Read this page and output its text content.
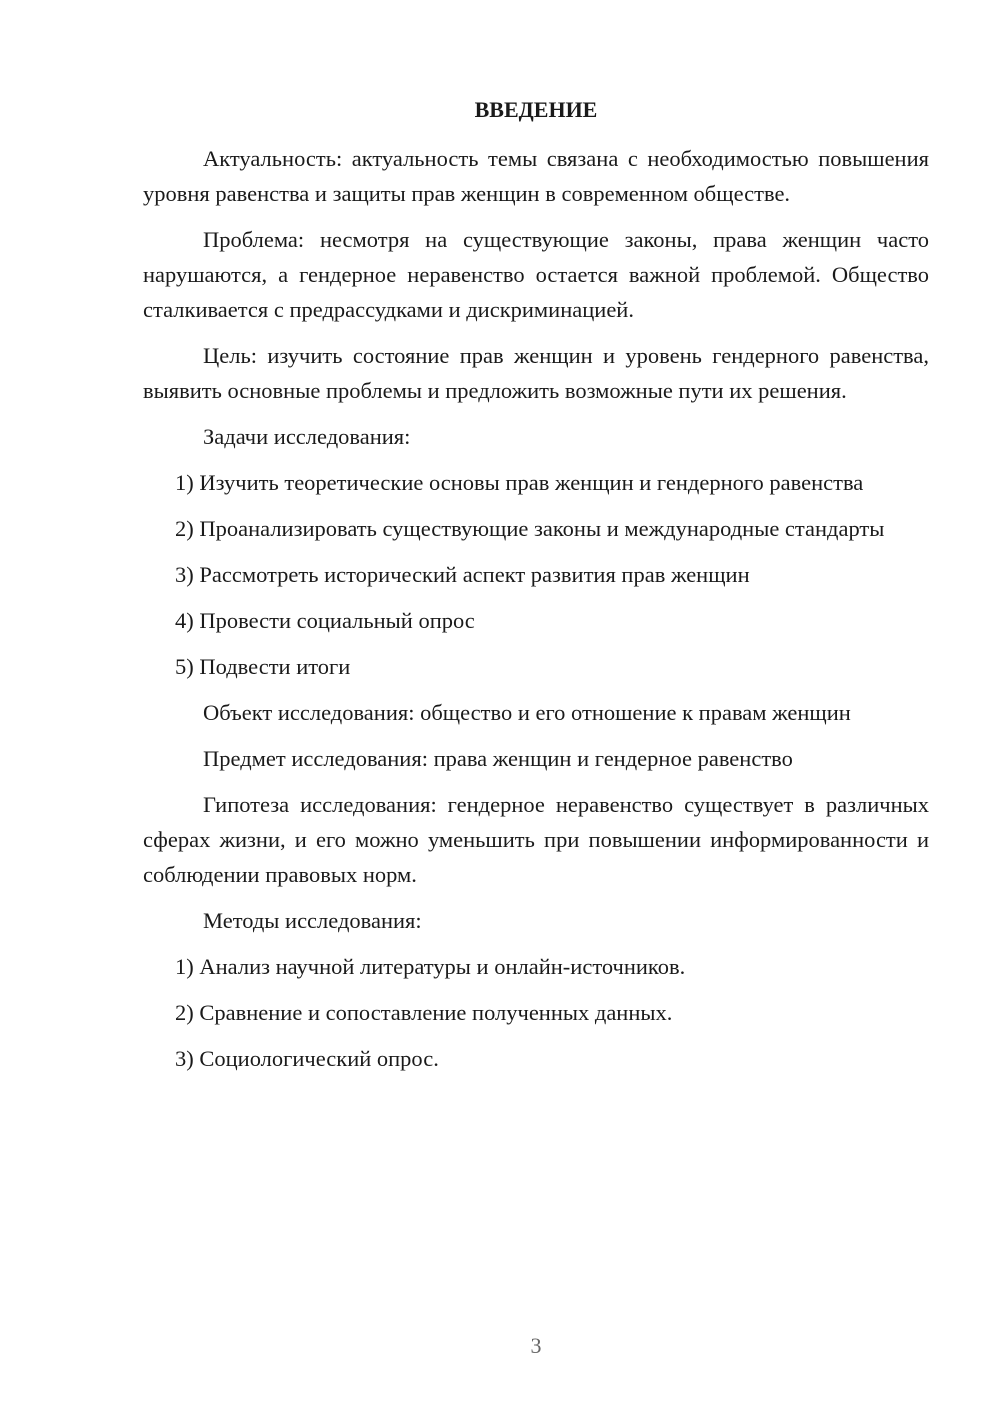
ВВЕДЕНИЕ

Актуальность: актуальность темы связана с необходимостью повышения уровня равенства и защиты прав женщин в современном обществе.

Проблема: несмотря на существующие законы, права женщин часто нарушаются, а гендерное неравенство остается важной проблемой. Общество сталкивается с предрассудками и дискриминацией.

Цель: изучить состояние прав женщин и уровень гендерного равенства, выявить основные проблемы и предложить возможные пути их решения.

Задачи исследования:

1) Изучить теоретические основы прав женщин и гендерного равенства

2) Проанализировать существующие законы и международные стандарты

3) Рассмотреть исторический аспект развития прав женщин

4) Провести социальный опрос

5) Подвести итоги

Объект исследования: общество и его отношение к правам женщин

Предмет исследования: права женщин и гендерное равенство

Гипотеза исследования: гендерное неравенство существует в различных сферах жизни, и его можно уменьшить при повышении информированности и соблюдении правовых норм.

Методы исследования:

1) Анализ научной литературы и онлайн-источников.

2) Сравнение и сопоставление полученных данных.

3) Социологический опрос.

3
